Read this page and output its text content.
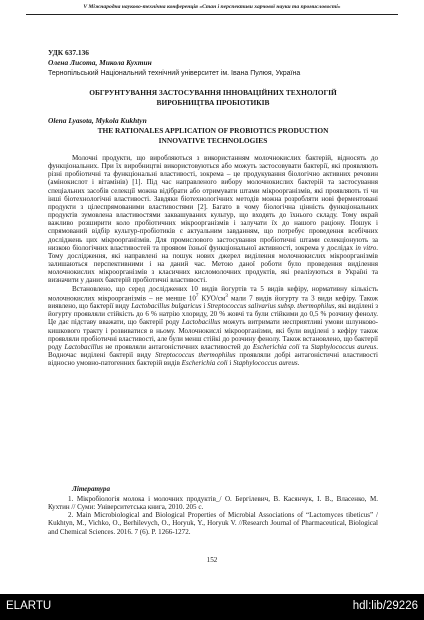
V Міжнародна науково-технічна конференція «Стан і перспективи харчової науки та промисловості»
УДК 637.136
Олена Лисота, Микола Кухтин
Тернопільський Національний технічний університет ім. Івана Пулюя, Україна
ОБГРУНТУВАННЯ ЗАСТОСУВАННЯ ІННОВАЦІЙНИХ ТЕХНОЛОГІЙ
ВИРОБНИЦТВА ПРОБІОТИКІВ
Olena Lyasota, Mykola Kukhtyn
THE RATIONALES APPLICATION OF PROBIOTICS PRODUCTION
INNOVATIVE TECHNOLOGIES

Молочні продукти, що виробляються з використанням молочнокислих бактерій, відносять до функціональних. При їх виробництві використовуються або можуть застосовувати бактерії, які проявляють різні пробіотичні та функціональні властивості, зокрема – це продукування біологічно активних речовин (амінокислот і вітамінів) [1]. Під час направленого вибору молочнокислих бактерій та застосування спеціальних засобів селекції можна відібрати або отримувати штами мікроорганізмів, які проявляють ті чи інші біотехнологічні властивості. Завдяки біотехнологічних методів можна розробляти нові ферментовані продукти з цілеспрямованими властивостями [2]. Багато в чому біологічна цінність функціональних продуктів зумовлена властивостями заквашуваних культур, що входять до їхнього складу. Тому вкрай важливо розширити коло пробіотичних мікроорганізмів і залучати їх до нашого раціону. Пошук і спрямований відбір культур-пробіотиків є актуальним завданням, що потребує проведення всебічних досліджень цих мікроорганізмів. Для промислового застосування пробіотичні штами селекціонують за низкою біологічних властивостей та проявом їхньої функціональної активності, зокрема у дослідах in vitro. Тому дослідження, які направлені на пошук нових джерел виділення молочнокислих мікроорганізмів залишаються перспективними і на даний час. Метою даної роботи було проведення виділення молочнокислих мікроорганізмів з класичних кисломолочних продуктів, які реалізуються в Україні та визначити у даних бактерій пробіотичні властивості.

Встановлено, що серед досліджених 10 видів йогуртів та 5 видів кефіру, нормативну кількість молочнокислих мікроорганізмів – не менше $10^7$ КУО/$см^3$ мали 7 видів йогурту та 3 види кефіру. Також виявлено, що бактерії виду Lactobacillus bulgaricus і Streptococcus salivarius subsp. thermophilus, які виділені з йогурту проявляли стійкість до 6 % натрію хлориду, 20 % жовчі та були стійкими до 0,5 % розчину фенолу. Це дає підставу вважати, що бактерії роду Lactobacillus можуть витримати несприятливі умови шлунково-кишкового тракту і розвиватися в ньому. Молочнокислі мікроорганізми, які були виділені з кефіру також проявляли пробіотичні властивості, але були менш стійкі до розчину фенолу. Також встановлено, що бактерії роду Lactobacillus не проявляли антагоністичних властивостей до Escherichia coli та Staphylococcus aureus. Водночас виділені бактерії виду Streptococcus thermophilus проявляли добрі антагоністичні властивості відносно умовно-патогенних бактерій видів Escherichia coli і Staphylococcus aureus.

Література

1. Мікробіологія молока і молочних продуктів_/ О. Бергілевич, В. Касянчук, І. В., Власенко, М. Кухтин // Суми: Університетська книга, 2010. 205 с.

2. Main Microbiological and Biological Properties of Microbial Associations of “Lactomyces tibeticus” / Kukhtyn, M., Vichko, O., Berhilevych, O., Horyuk, Y., Horyuk V. //Research Journal of Pharmaceutical, Biological and Chemical Sciences. 2016. 7 (6). P. 1266-1272.

152
ELARTU	hdl:lib/29226
